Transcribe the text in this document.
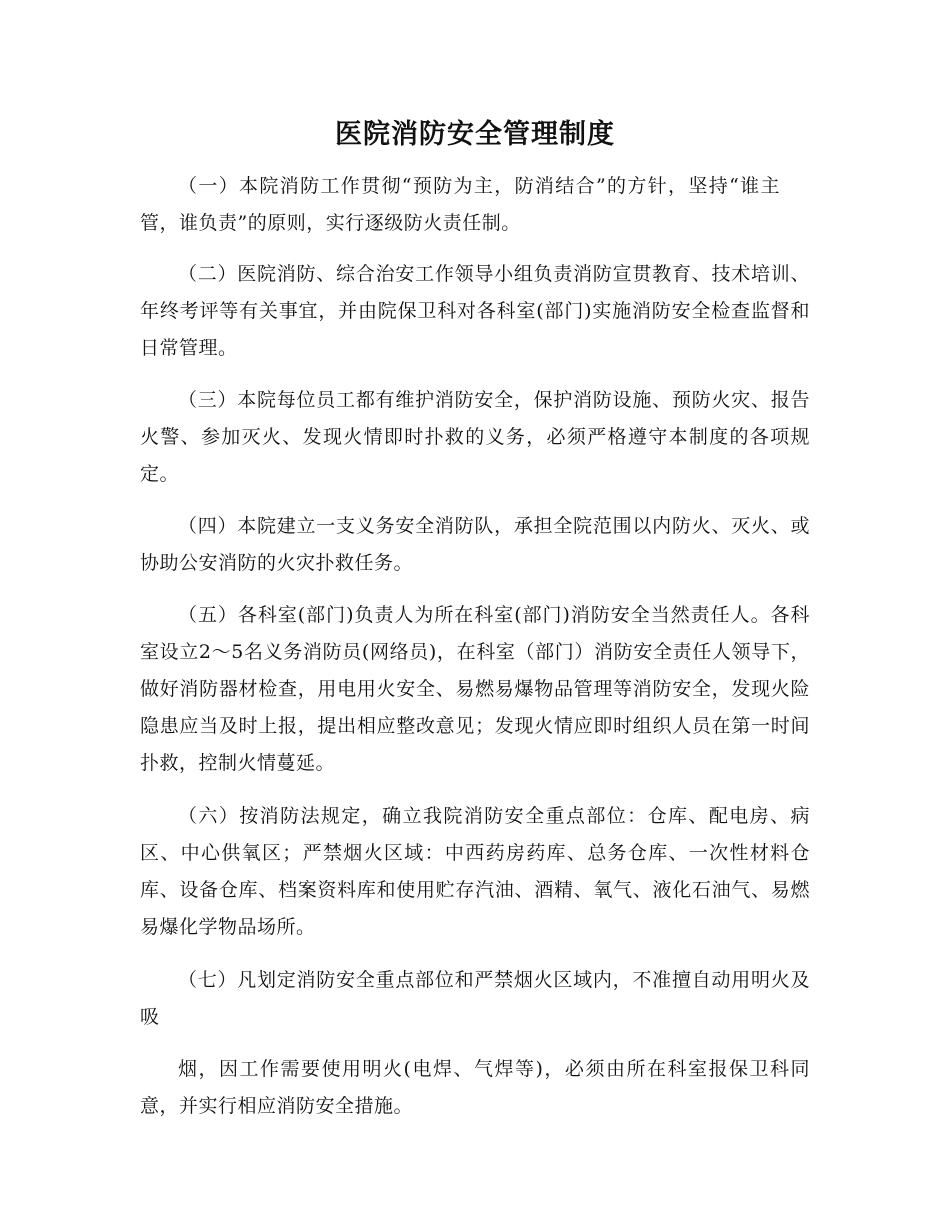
医院消防安全管理制度

（一）本院消防工作贯彻“预防为主，防消结合”的方针，坚持“谁主管，谁负责”的原则，实行逐级防火责任制。

（二）医院消防、综合治安工作领导小组负责消防宣贯教育、技术培训、年终考评等有关事宜，并由院保卫科对各科室(部门)实施消防安全检查监督和日常管理。

（三）本院每位员工都有维护消防安全，保护消防设施、预防火灾、报告火警、参加灭火、发现火情即时扑救的义务，必须严格遵守本制度的各项规定。

（四）本院建立一支义务安全消防队，承担全院范围以内防火、灭火、或协助公安消防的火灾扑救任务。

（五）各科室(部门)负责人为所在科室(部门)消防安全当然责任人。各科室设立2～5名义务消防员(网络员)，在科室（部门）消防安全责任人领导下，做好消防器材检查，用电用火安全、易燃易爆物品管理等消防安全，发现火险隐患应当及时上报，提出相应整改意见；发现火情应即时组织人员在第一时间扑救，控制火情蔓延。

（六）按消防法规定，确立我院消防安全重点部位：仓库、配电房、病区、中心供氧区；严禁烟火区域：中西药房药库、总务仓库、一次性材料仓库、设备仓库、档案资料库和使用贮存汽油、酒精、氧气、液化石油气、易燃易爆化学物品场所。

（七）凡划定消防安全重点部位和严禁烟火区域内，不准擅自动用明火及吸

烟，因工作需要使用明火(电焊、气焊等)，必须由所在科室报保卫科同意，并实行相应消防安全措施。
